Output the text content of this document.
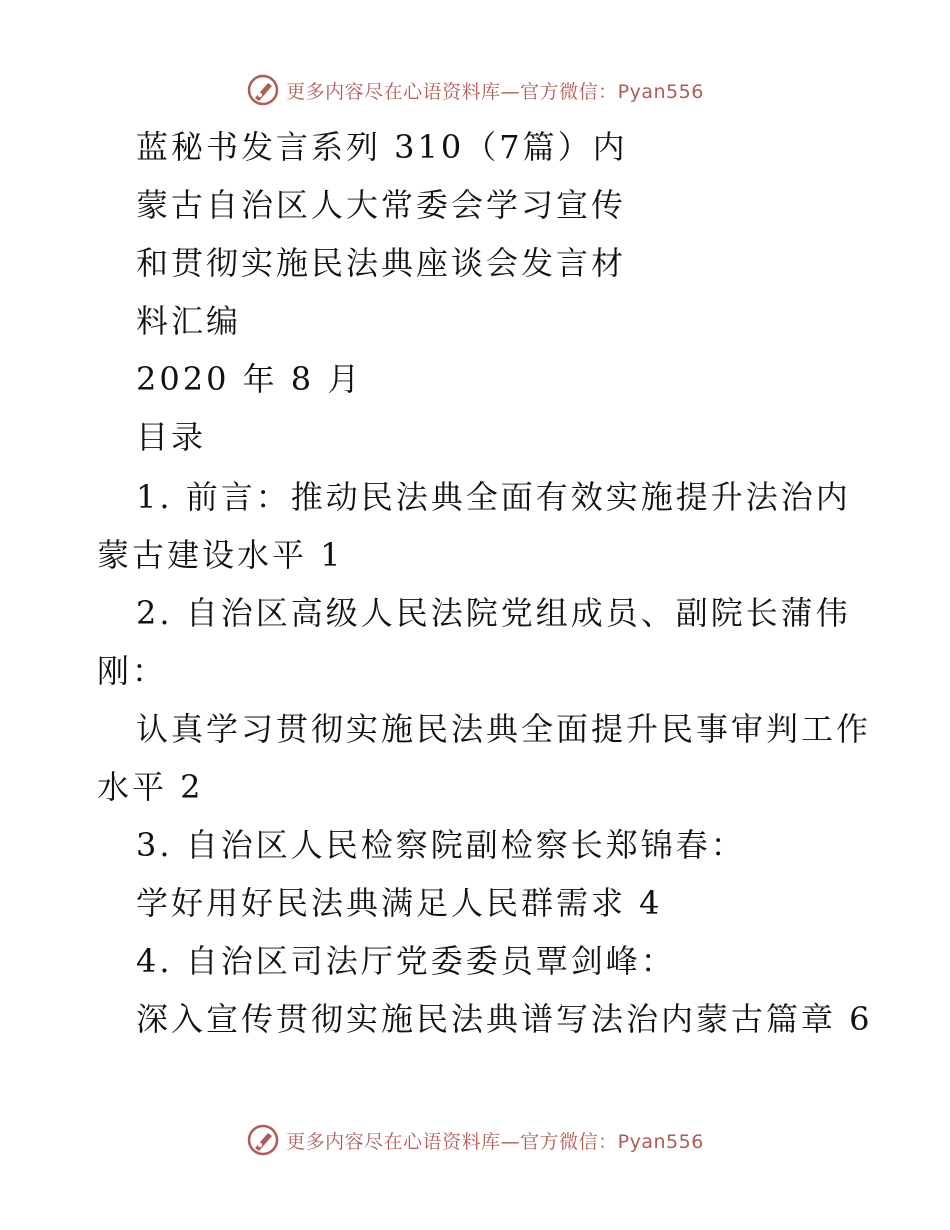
更多内容尽在心语资料库—官方微信：Pyan556
蓝秘书发言系列 310（7篇）内
蒙古自治区人大常委会学习宣传
和贯彻实施民法典座谈会发言材
料汇编
2020 年 8 月
目录
1. 前言：推动民法典全面有效实施提升法治内
蒙古建设水平 1
2. 自治区高级人民法院党组成员、副院长蒲伟
刚：
认真学习贯彻实施民法典全面提升民事审判工作
水平 2
3. 自治区人民检察院副检察长郑锦春：
学好用好民法典满足人民群需求 4
4. 自治区司法厅党委委员覃剑峰：
深入宣传贯彻实施民法典谱写法治内蒙古篇章 6
更多内容尽在心语资料库—官方微信：Pyan556
